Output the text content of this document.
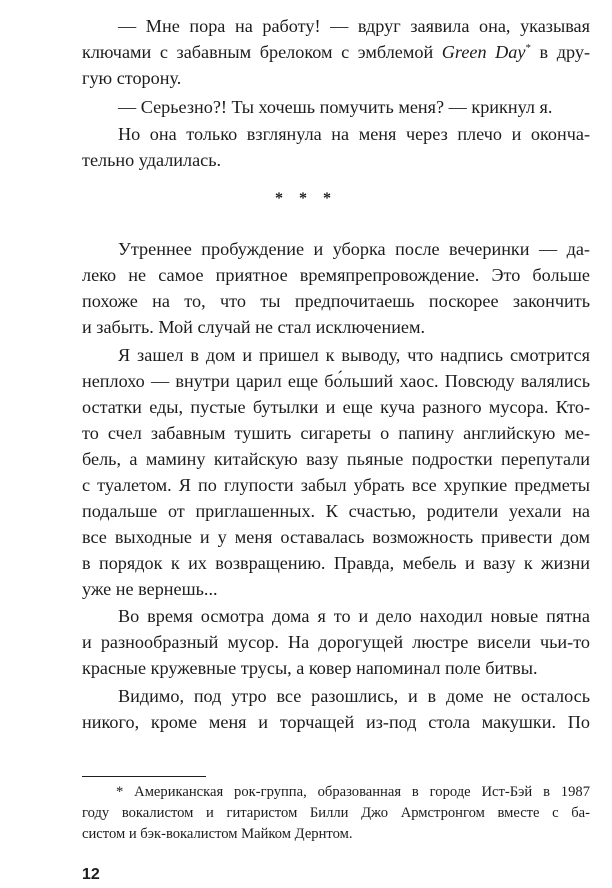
— Мне пора на работу! — вдруг заявила она, указывая
ключами с забавным брелоком с эмблемой Green Day* в дру-
гую сторону.
— Серьезно?! Ты хочешь помучить меня? — крикнул я.
Но она только взглянула на меня через плечо и оконча-
тельно удалилась.
* * *
Утреннее пробуждение и уборка после вечеринки — да-
леко не самое приятное времяпрепровождение. Это больше
похоже на то, что ты предпочитаешь поскорее закончить
и забыть. Мой случай не стал исключением.
Я зашел в дом и пришел к выводу, что надпись смотрится
неплохо — внутри царил еще бо́льший хаос. Повсюду валялись
остатки еды, пустые бутылки и еще куча разного мусора. Кто-
то счел забавным тушить сигареты о папину английскую ме-
бель, а мамину китайскую вазу пьяные подростки перепутали
с туалетом. Я по глупости забыл убрать все хрупкие предметы
подальше от приглашенных. К счастью, родители уехали на
все выходные и у меня оставалась возможность привести дом
в порядок к их возвращению. Правда, мебель и вазу к жизни
уже не вернешь...
Во время осмотра дома я то и дело находил новые пятна
и разнообразный мусор. На дорогущей люстре висели чьи-то
красные кружевные трусы, а ковер напоминал поле битвы.
Видимо, под утро все разошлись, и в доме не осталось
никого, кроме меня и торчащей из-под стола макушки. По
* Американская рок-группа, образованная в городе Ист-Бэй в 1987
году вокалистом и гитаристом Билли Джо Армстронгом вместе с ба-
систом и бэк-вокалистом Майком Дернтом.
12
